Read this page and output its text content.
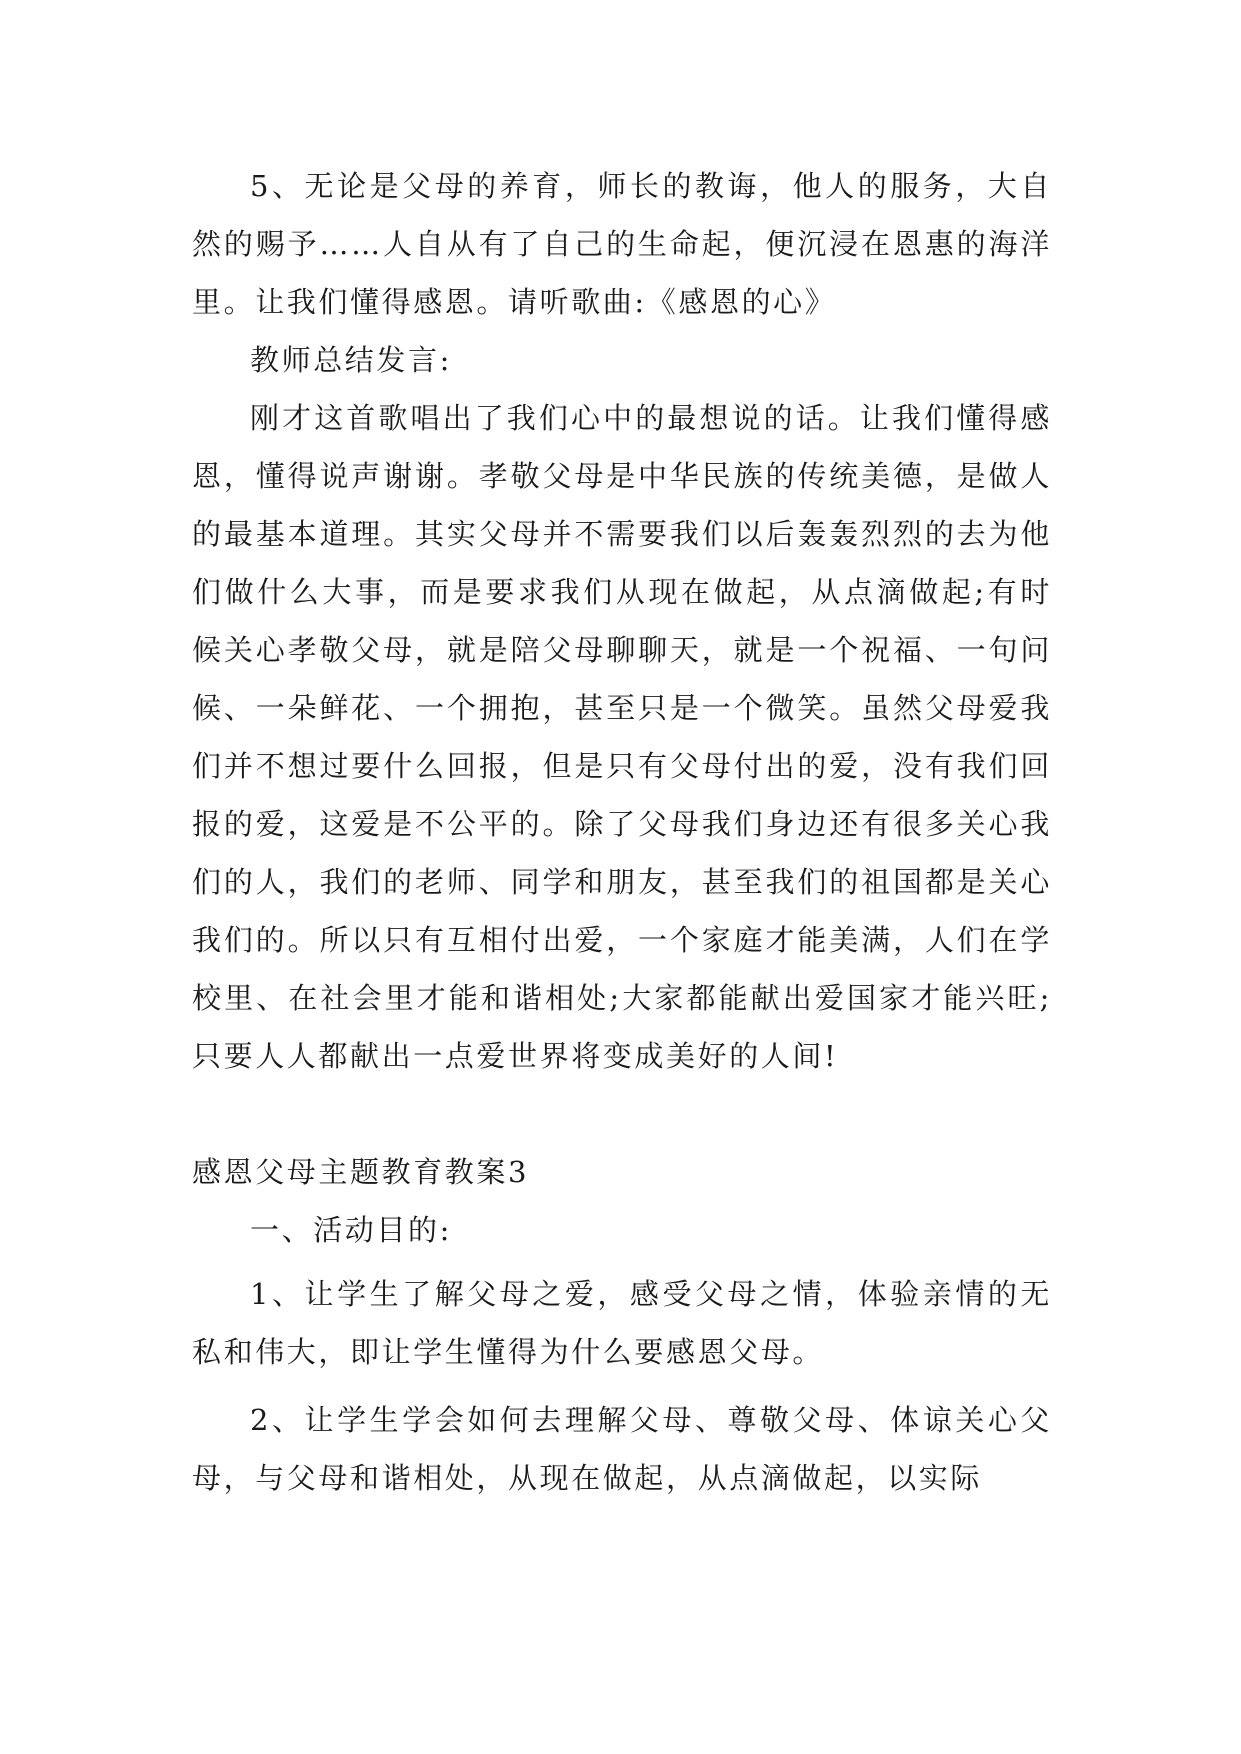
5、无论是父母的养育，师长的教诲，他人的服务，大自然的赐予……人自从有了自己的生命起，便沉浸在恩惠的海洋里。让我们懂得感恩。请听歌曲:《感恩的心》

教师总结发言:

刚才这首歌唱出了我们心中的最想说的话。让我们懂得感恩，懂得说声谢谢。孝敬父母是中华民族的传统美德，是做人的最基本道理。其实父母并不需要我们以后轰轰烈烈的去为他们做什么大事，而是要求我们从现在做起，从点滴做起;有时候关心孝敬父母，就是陪父母聊聊天，就是一个祝福、一句问候、一朵鲜花、一个拥抱，甚至只是一个微笑。虽然父母爱我们并不想过要什么回报，但是只有父母付出的爱，没有我们回报的爱，这爱是不公平的。除了父母我们身边还有很多关心我们的人，我们的老师、同学和朋友，甚至我们的祖国都是关心我们的。所以只有互相付出爱，一个家庭才能美满，人们在学校里、在社会里才能和谐相处;大家都能献出爱国家才能兴旺;只要人人都献出一点爱世界将变成美好的人间!

感恩父母主题教育教案3

一、活动目的:

1、让学生了解父母之爱，感受父母之情，体验亲情的无私和伟大，即让学生懂得为什么要感恩父母。

2、让学生学会如何去理解父母、尊敬父母、体谅关心父母，与父母和谐相处，从现在做起，从点滴做起，以实际
